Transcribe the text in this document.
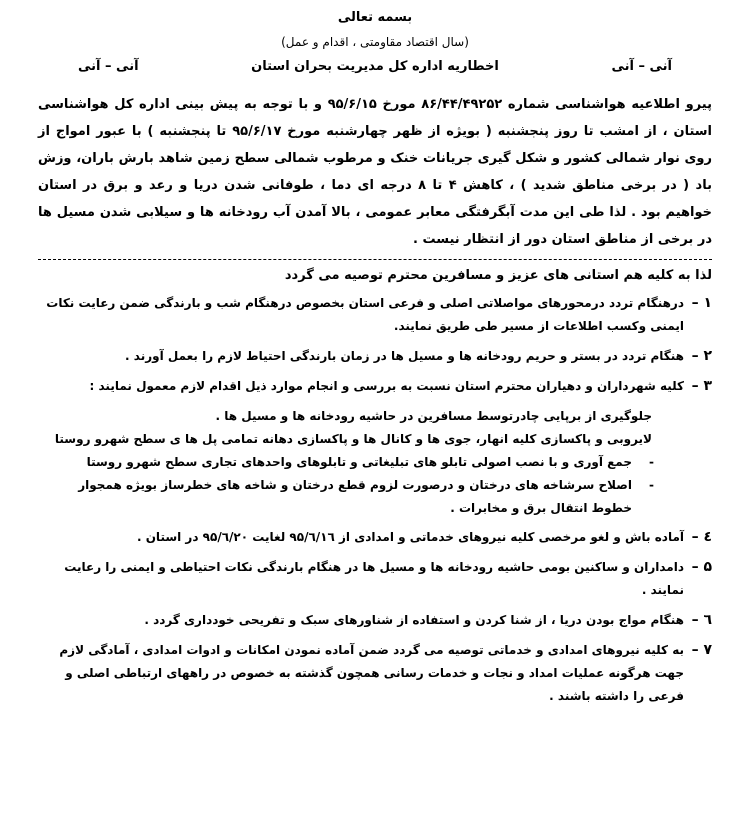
بسمه تعالی
(سال اقتصاد مقاومتی ، اقدام و عمل)
آنی – آنی
اخطاریه اداره کل مدیریت بحران استان
آنی – آنی
پیرو اطلاعیه هواشناسی شماره ۸۶/۴۴/۴۹۲۵۲ مورخ ۹۵/۶/۱۵ و با توجه به پیش بینی اداره کل هواشناسی استان ، از امشب تا روز پنجشنبه ( بویژه از ظهر چهارشنبه مورخ ۹۵/۶/۱۷ تا پنجشنبه ) با عبور امواج از روی نوار شمالی کشور و شکل گیری جریانات خنک و مرطوب شمالی سطح زمین شاهد بارش باران، وزش باد ( در برخی مناطق شدید ) ، کاهش ۴ تا ۸ درجه ای دما ، طوفانی شدن دریا و رعد و برق در استان خواهیم بود . لذا طی این مدت آبگرفتگی معابر عمومی ، بالا آمدن آب رودخانه ها و سیلابی شدن مسیل ها در برخی از مناطق استان دور از انتظار نیست .
لذا به کلیه هم استانی های عزیز و مسافرین محترم توصیه می گردد
۱ –
درهنگام تردد درمحورهای مواصلاتی اصلی و فرعی استان بخصوص درهنگام شب و بارندگی ضمن رعایت نکات ایمنی وکسب اطلاعات از مسیر طی طریق نمایند.
۲ –
هنگام تردد در بستر و حریم رودخانه ها و مسیل ها در زمان بارندگی احتیاط لازم را بعمل آورند .
۳ –
کلیه شهرداران و دهیاران محترم استان نسبت به بررسی و انجام موارد ذیل اقدام لازم معمول نمایند :
جلوگیری از برپایی چادرتوسط مسافرین در حاشیه رودخانه ها و مسیل ها .
لایروبی و پاکسازی کلیه انهار، جوی ها و کانال ها و پاکسازی دهانه تمامی پل ها ی سطح شهرو روستا
-
جمع آوری و با نصب اصولی تابلو های تبلیغاتی و تابلوهای واحدهای تجاری سطح شهرو روستا
-
اصلاح سرشاخه های درختان و درصورت لزوم قطع درختان و شاخه های خطرساز بویژه همجوار خطوط انتقال برق و مخابرات .
٤ –
آماده باش و لغو مرخصی کلیه نیروهای خدماتی و امدادی از ۹۵/٦/١٦ لغایت ۹۵/٦/۲۰ در استان .
۵ –
دامداران و ساکنین بومی حاشیه رودخانه ها و مسیل ها در هنگام بارندگی نکات احتیاطی و ایمنی را رعایت نمایند .
٦ –
هنگام مواج بودن دریا ، از شنا کردن و استفاده از شناورهای سبک و تفریحی خودداری گردد .
۷ –
به کلیه نیروهای امدادی و خدماتی توصیه می گردد ضمن آماده نمودن امکانات و ادوات امدادی ، آمادگی لازم جهت هرگونه عملیات امداد و نجات و خدمات رسانی همچون گذشته به خصوص در راههای ارتباطی اصلی و فرعی را داشته باشند .
